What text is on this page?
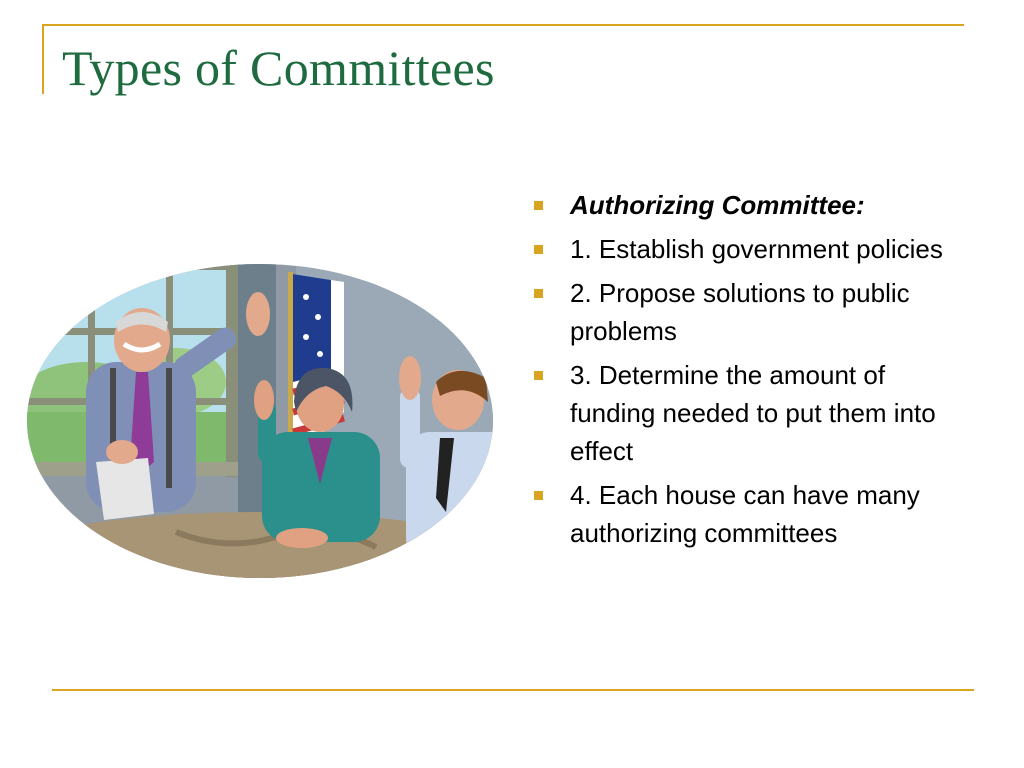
Types of Committees
Authorizing Committee:
1. Establish government policies
2. Propose solutions to public problems
3. Determine the amount of funding needed to put them into effect
4. Each house can have many authorizing committees
